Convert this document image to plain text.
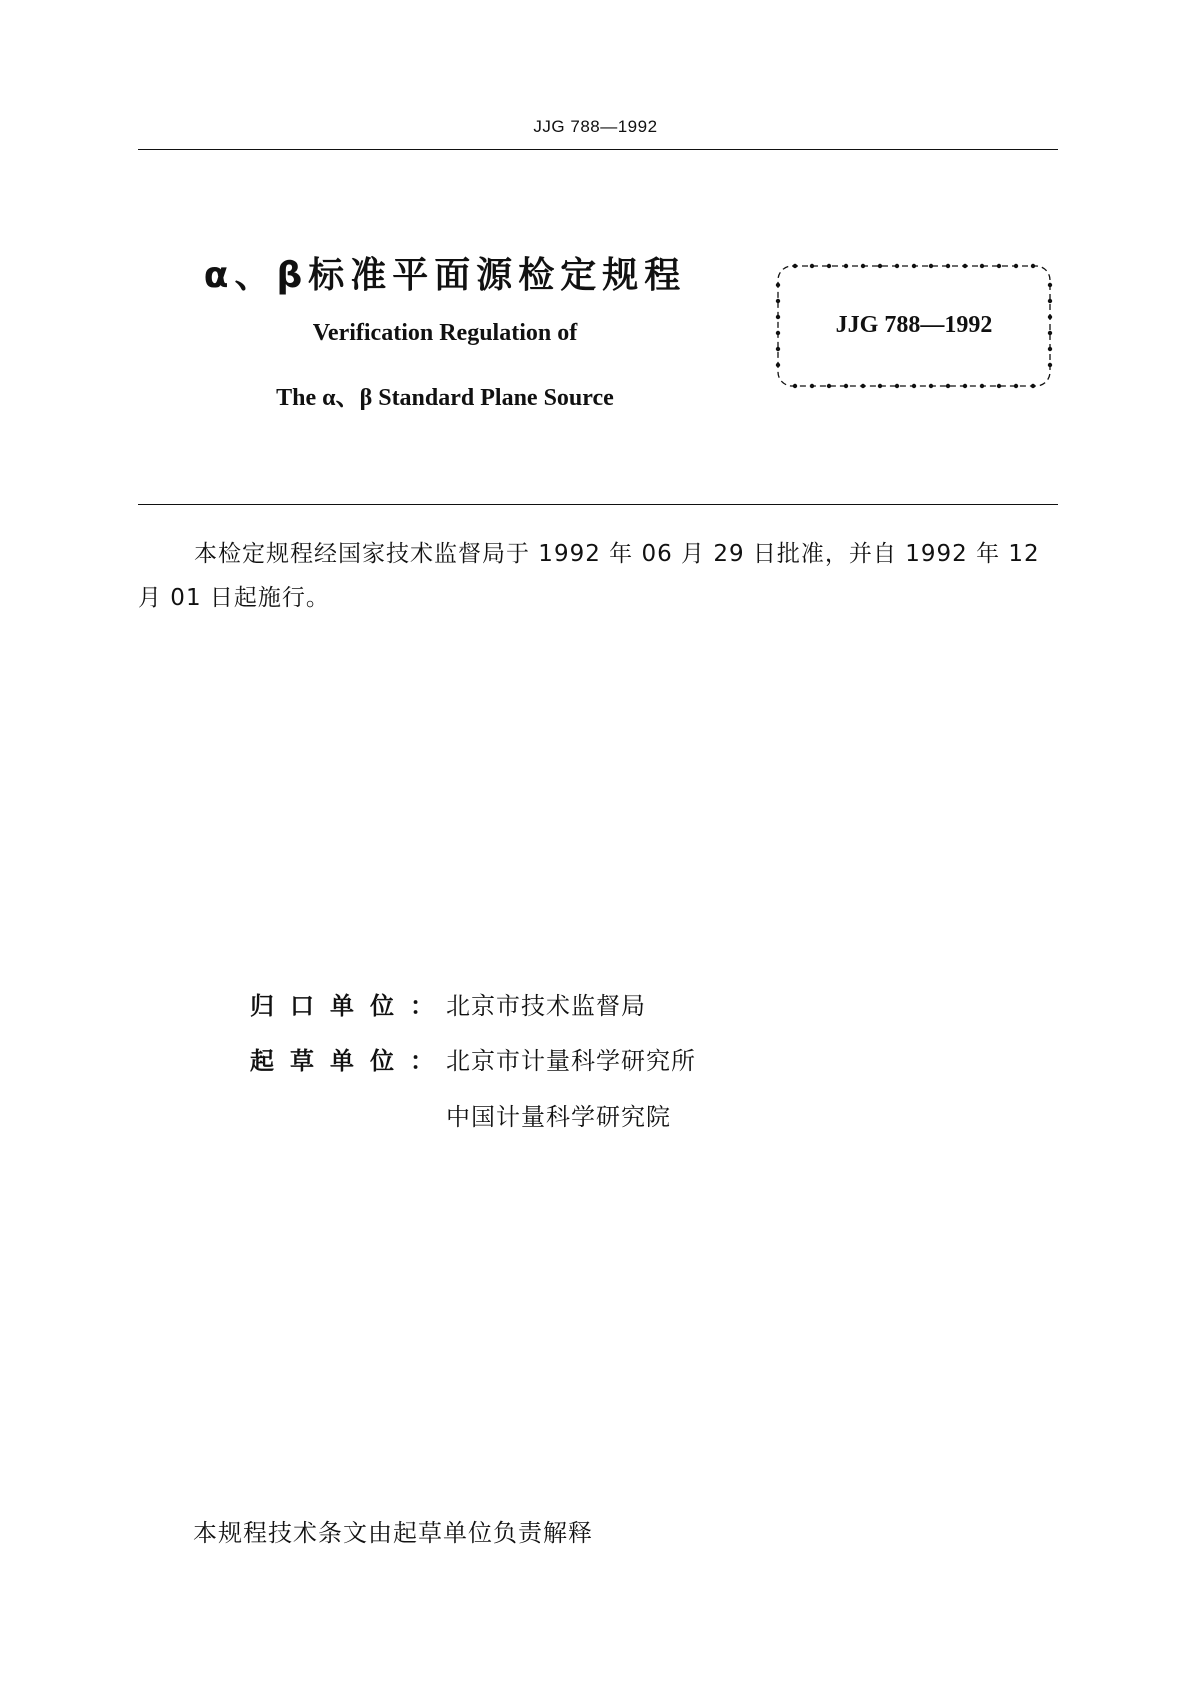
JJG 788—1992
α、β标准平面源检定规程
Verification Regulation of
The α、β Standard Plane Source
JJG 788—1992
本检定规程经国家技术监督局于 1992 年 06 月 29 日批准，并自 1992 年 12 月 01 日起施行。
归口单位：北京市技术监督局
起草单位：北京市计量科学研究所
中国计量科学研究院
本规程技术条文由起草单位负责解释
